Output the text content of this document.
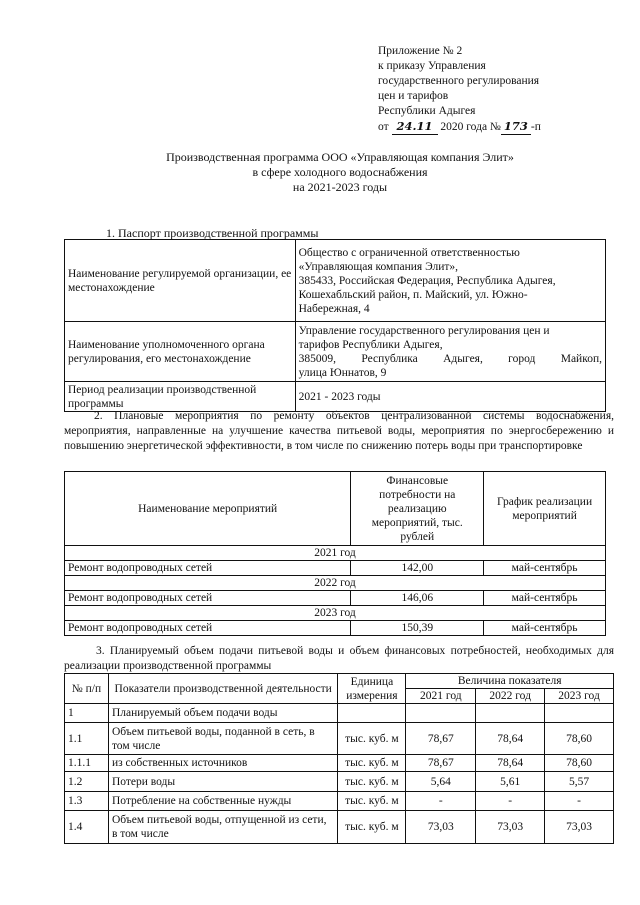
Приложение № 2
к приказу Управления
государственного регулирования
цен и тарифов
Республики Адыгея
от 24.11 2020 года № 173 -п
Производственная программа ООО «Управляющая компания Элит»
в сфере холодного водоснабжения
на 2021-2023 годы
1. Паспорт производственной программы
Наименование регулируемой организации, ее местонахождение	Общество с ограниченной ответственностью
«Управляющая компания Элит»,
385433, Российская Федерация, Республика Адыгея,
Кошехабльский район, п. Майский, ул. Южно-
Набережная, 4

Наименование уполномоченного органа регулирования, его местонахождение	Управление государственного регулирования цен и
тарифов Республики Адыгея,
385009, Республика Адыгея, город Майкоп,
улица Юннатов, 9

Период реализации производственной программы	2021 - 2023 годы
2. Плановые мероприятия по ремонту объектов централизованной системы водоснабжения, мероприятия, направленные на улучшение качества питьевой воды, мероприятия по энергосбережению и повышению энергетической эффективности, в том числе по снижению потерь воды при транспортировке
Наименование мероприятий	Финансовые потребности на реализацию мероприятий, тыс. рублей	График реализации мероприятий
2021 год		
Ремонт водопроводных сетей	142,00	май-сентябрь
2022 год		
Ремонт водопроводных сетей	146,06	май-сентябрь
2023 год		
Ремонт водопроводных сетей	150,39	май-сентябрь
3. Планируемый объем подачи питьевой воды и объем финансовых потребностей, необходимых для реализации производственной программы
№ п/п	Показатели производственной деятельности	Единица измерения	Величина показателя		
			2021 год	2022 год	2023 год
1	Планируемый объем подачи воды				
1.1	Объем питьевой воды, поданной в сеть, в том числе	тыс. куб. м	78,67	78,64	78,60
1.1.1	из собственных источников	тыс. куб. м	78,67	78,64	78,60
1.2	Потери воды	тыс. куб. м	5,64	5,61	5,57
1.3	Потребление на собственные нужды	тыс. куб. м	-	-	-
1.4	Объем питьевой воды, отпущенной из сети, в том числе	тыс. куб. м	73,03	73,03	73,03
